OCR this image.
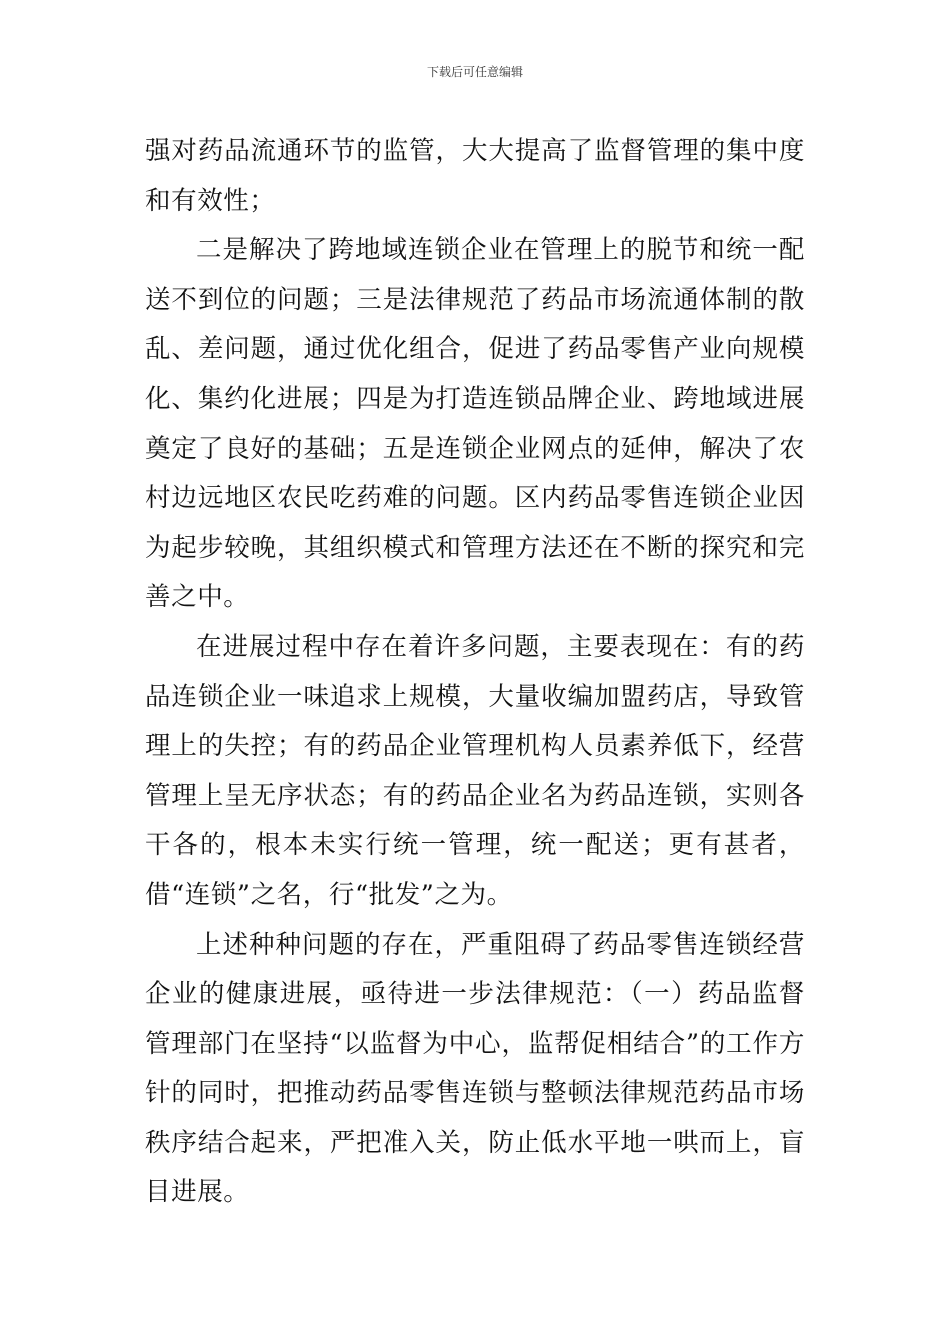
下载后可任意编辑

强对药品流通环节的监管，大大提高了监督管理的集中度和有效性；

二是解决了跨地域连锁企业在管理上的脱节和统一配送不到位的问题；三是法律规范了药品市场流通体制的散乱、差问题，通过优化组合，促进了药品零售产业向规模化、集约化进展；四是为打造连锁品牌企业、跨地域进展奠定了良好的基础；五是连锁企业网点的延伸，解决了农村边远地区农民吃药难的问题。区内药品零售连锁企业因为起步较晚，其组织模式和管理方法还在不断的探究和完善之中。

在进展过程中存在着许多问题，主要表现在：有的药品连锁企业一味追求上规模，大量收编加盟药店，导致管理上的失控；有的药品企业管理机构人员素养低下，经营管理上呈无序状态；有的药品企业名为药品连锁，实则各干各的，根本未实行统一管理，统一配送；更有甚者，借“连锁”之名，行“批发”之为。

上述种种问题的存在，严重阻碍了药品零售连锁经营企业的健康进展，亟待进一步法律规范：（一）药品监督管理部门在坚持“以监督为中心，监帮促相结合”的工作方针的同时，把推动药品零售连锁与整顿法律规范药品市场秩序结合起来，严把准入关，防止低水平地一哄而上，盲目进展。
